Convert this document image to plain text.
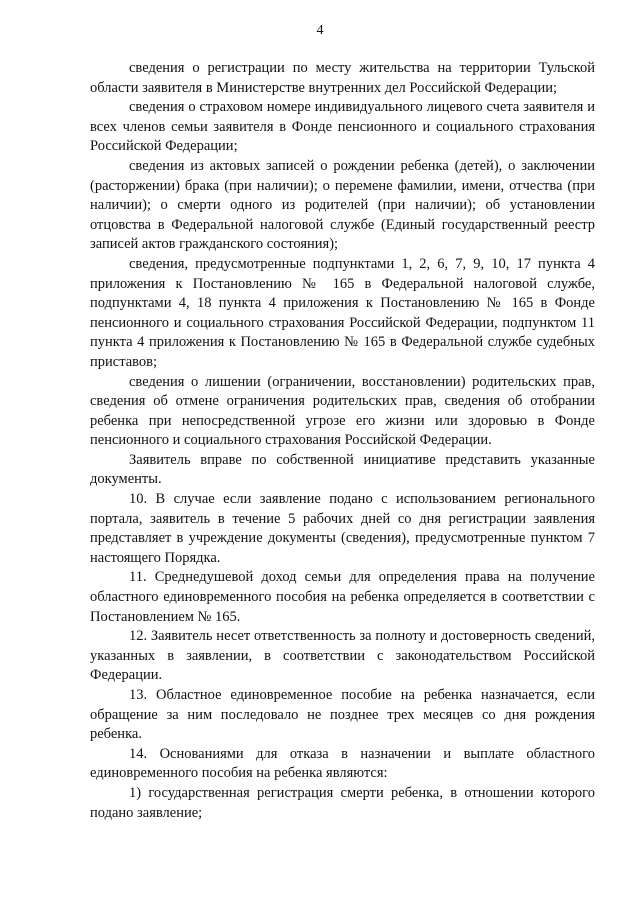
4

сведения о регистрации по месту жительства на территории Тульской области заявителя в Министерстве внутренних дел Российской Федерации;

сведения о страховом номере индивидуального лицевого счета заявителя и всех членов семьи заявителя в Фонде пенсионного и социального страхования Российской Федерации;

сведения из актовых записей о рождении ребенка (детей), о заключении (расторжении) брака (при наличии); о перемене фамилии, имени, отчества (при наличии); о смерти одного из родителей (при наличии); об установлении отцовства в Федеральной налоговой службе (Единый государственный реестр записей актов гражданского состояния);

сведения, предусмотренные подпунктами 1, 2, 6, 7, 9, 10, 17 пункта 4 приложения к Постановлению № 165 в Федеральной налоговой службе, подпунктами 4, 18 пункта 4 приложения к Постановлению № 165 в Фонде пенсионного и социального страхования Российской Федерации, подпунктом 11 пункта 4 приложения к Постановлению № 165 в Федеральной службе судебных приставов;

сведения о лишении (ограничении, восстановлении) родительских прав, сведения об отмене ограничения родительских прав, сведения об отобрании ребенка при непосредственной угрозе его жизни или здоровью в Фонде пенсионного и социального страхования Российской Федерации.

Заявитель вправе по собственной инициативе представить указанные документы.

10. В случае если заявление подано с использованием регионального портала, заявитель в течение 5 рабочих дней со дня регистрации заявления представляет в учреждение документы (сведения), предусмотренные пунктом 7 настоящего Порядка.

11. Среднедушевой доход семьи для определения права на получение областного единовременного пособия на ребенка определяется в соответствии с Постановлением № 165.

12. Заявитель несет ответственность за полноту и достоверность сведений, указанных в заявлении, в соответствии с законодательством Российской Федерации.

13. Областное единовременное пособие на ребенка назначается, если обращение за ним последовало не позднее трех месяцев со дня рождения ребенка.

14. Основаниями для отказа в назначении и выплате областного единовременного пособия на ребенка являются:

1) государственная регистрация смерти ребенка, в отношении которого подано заявление;
